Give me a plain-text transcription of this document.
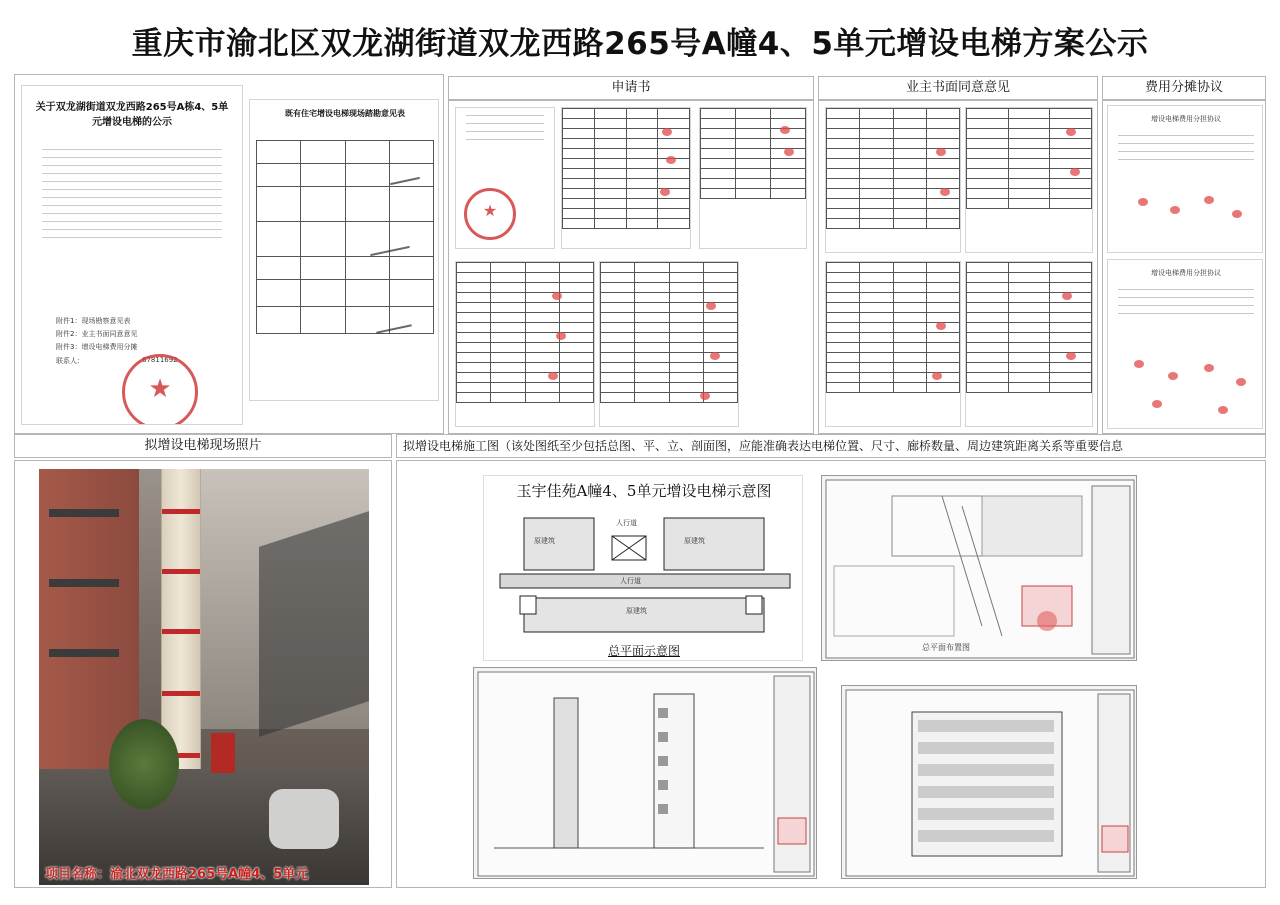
重庆市渝北区双龙湖街道双龙西路265号A幢4、5单元增设电梯方案公示
关于双龙湖街道双龙西路265号A栋4、5单元增设电梯的公示
附件1：现场勘察意见表
附件2：业主书面同意意见
附件3：增设电梯费用分摊
联系人：	67811692
★
既有住宅增设电梯现场踏勘意见表

申请书
★

业主书面同意意见

			费用分摊协议
增设电梯费用分担协议
增设电梯费用分担协议
拟增设电梯现场照片	拟增设电梯施工图（该处图纸至少包括总图、平、立、剖面图，应能准确表达电梯位置、尺寸、廊桥数量、周边建筑距离关系等重要信息
项目名称：渝北双龙西路265号A幢4、5单元
玉宇佳苑A幢4、5单元增设电梯示意图
人行道
原建筑	原建筑
人行道
原建筑
总平面示意图	总平面布置图
